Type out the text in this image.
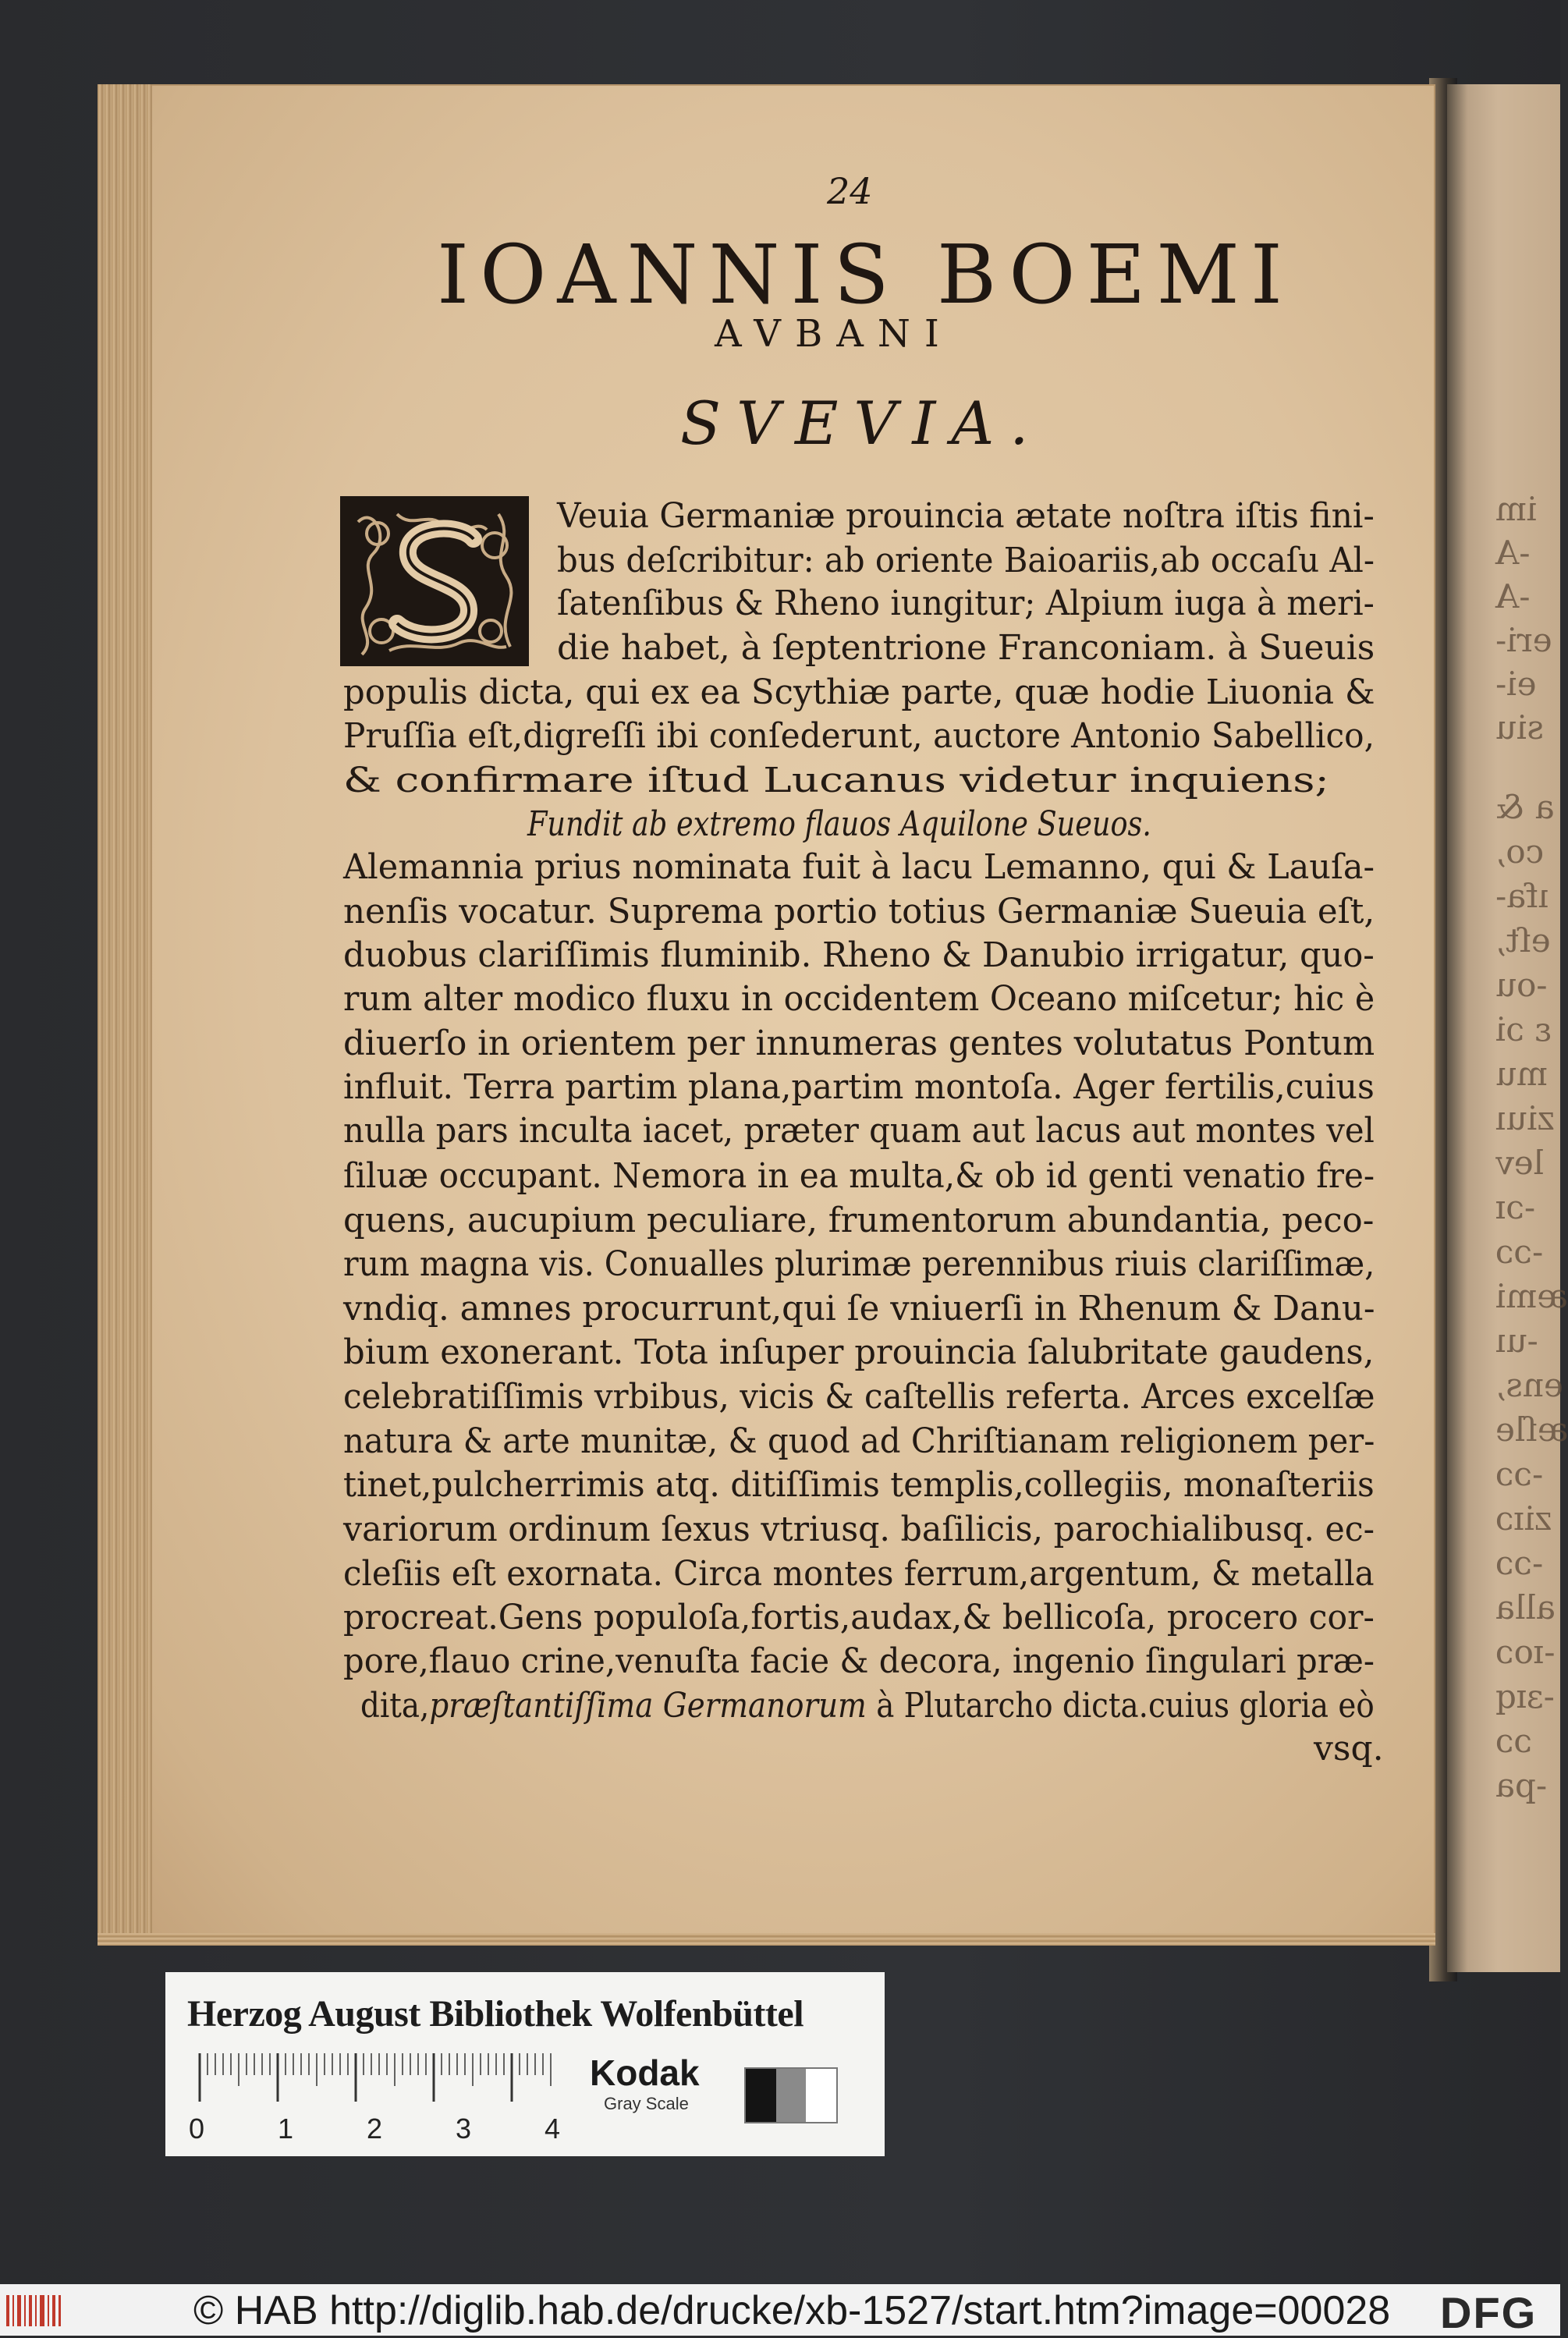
im
-A
-A
eri-
ei-
siu
a &
co,
ıfa-
eſt,
-ou
ε ɔi
mu
ziuı
lev
-ɔɪ
-ɔɔ
æmi
-uı
ens,
æſle
-ɔɔ
ziɪɔ
-ɔɔ
alla
-ɪoɔ
-ɜɪq
ɔɔ
-pa
24
IOANNIS BOEMI
AVBANI
SVEVIA.
Veuia Germaniæ prouincia ætate noſtra iſtis fini-
bus deſcribitur: ab oriente Baioariis,ab occaſu Al-
ſatenſibus & Rheno iungitur; Alpium iuga à meri-
die habet, à ſeptentrione Franconiam. à Sueuis
populis dicta, qui ex ea Scythiæ parte, quæ hodie Liuonia &
Pruſſia eſt,digreſſi ibi conſederunt, auctore Antonio Sabellico,
& confirmare iſtud Lucanus videtur inquiens;
Fundit ab extremo flauos Aquilone Sueuos.
Alemannia prius nominata fuit à lacu Lemanno, qui & Lauſa-
nenſis vocatur. Suprema portio totius Germaniæ Sueuia eſt,
duobus clariſſimis fluminib. Rheno & Danubio irrigatur, quo-
rum alter modico fluxu in occidentem Oceano miſcetur; hic è
diuerſo in orientem per innumeras gentes volutatus Pontum
influit. Terra partim plana,partim montoſa. Ager fertilis,cuius
nulla pars inculta iacet, præter quam aut lacus aut montes vel
ſiluæ occupant. Nemora in ea multa,& ob id genti venatio fre-
quens, aucupium peculiare, frumentorum abundantia, peco-
rum magna vis. Conualles plurimæ perennibus riuis clariſſimæ,
vndiq. amnes procurrunt,qui ſe vniuerſi in Rhenum & Danu-
bium exonerant. Tota inſuper prouincia ſalubritate gaudens,
celebratiſſimis vrbibus, vicis & caſtellis referta. Arces excelſæ
natura & arte munitæ, & quod ad Chriſtianam religionem per-
tinet,pulcherrimis atq. ditiſſimis templis,collegiis, monaſteriis
variorum ordinum ſexus vtriusq. baſilicis, parochialibusq. ec-
cleſiis eſt exornata. Circa montes ferrum,argentum, & metalla
procreat.Gens populoſa,fortis,audax,& bellicoſa, procero cor-
pore,flauo crine,venuſta facie & decora, ingenio ſingulari præ-
dita,præſtantiſſima Germanorum à Plutarcho dicta.cuius gloria eò
vsq.
Herzog August Bibliothek Wolfenbüttel
0	1	2	3	4
Kodak
Gray Scale
© HAB http://diglib.hab.de/drucke/xb-1527/start.htm?image=00028 DFG
